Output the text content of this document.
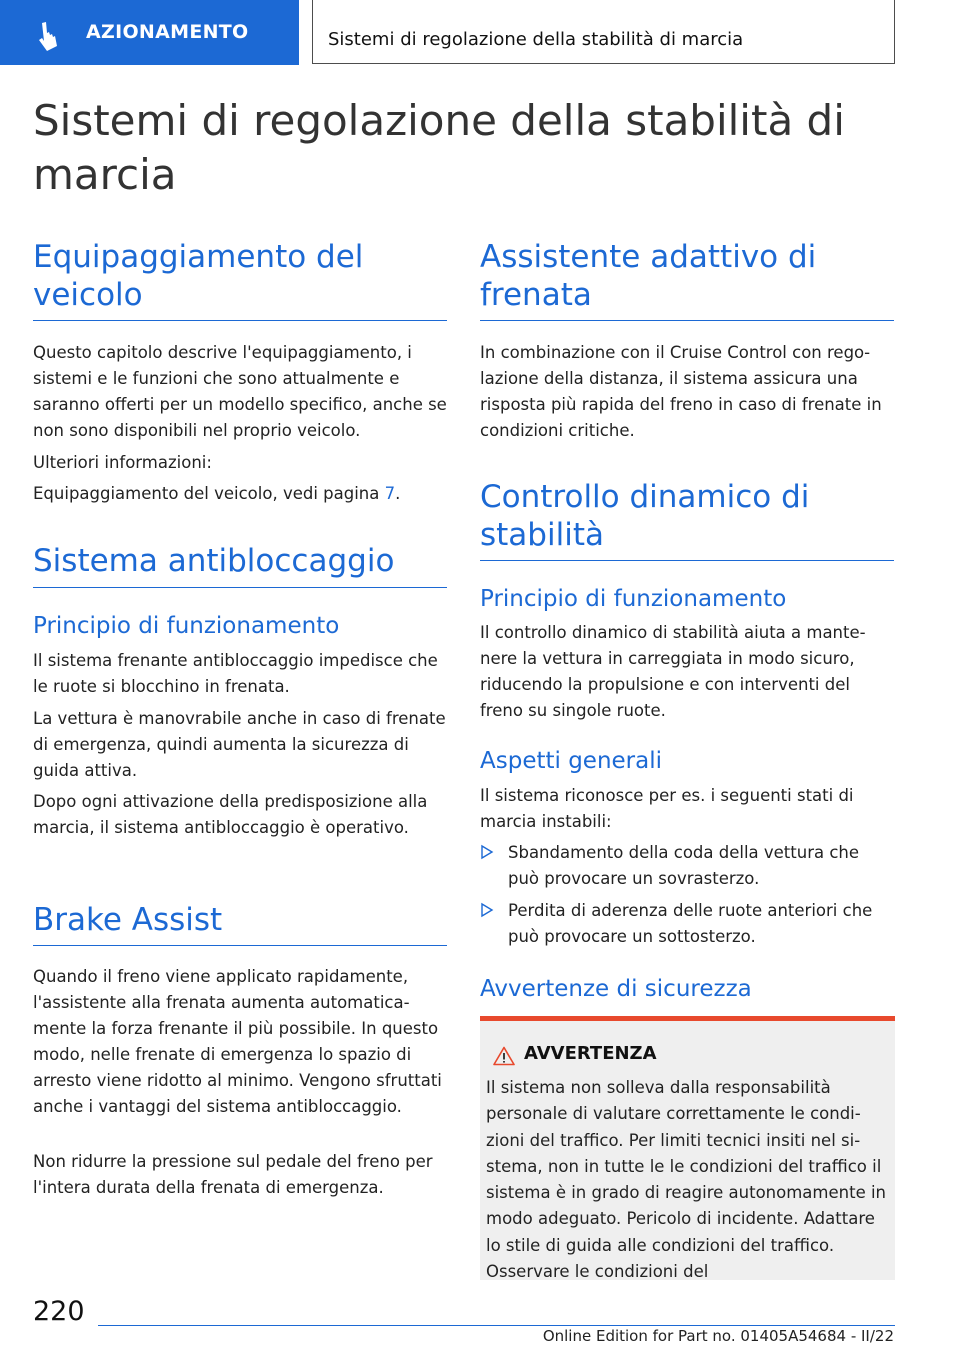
AZIONAMENTO	Sistemi di regolazione della stabilità di marcia
Sistemi di regolazione della stabilità di marcia
Equipaggiamento del veicolo

Questo capitolo descrive l'equipaggiamento, i sistemi e le funzioni che sono attualmente e saranno offerti per un modello specifico, anche se non sono disponibili nel proprio veicolo.

Ulteriori informazioni:

Equipaggiamento del veicolo, vedi pagina 7.

Sistema antibloccaggio
Principio di funzionamento

Il sistema frenante antibloccaggio impedisce che le ruote si blocchino in frenata.

La vettura è manovrabile anche in caso di frenate di emergenza, quindi aumenta la sicurezza di guida attiva.

Dopo ogni attivazione della predisposizione alla marcia, il sistema antibloccaggio è operativo.

Brake Assist

Quando il freno viene applicato rapidamente, l'assistente alla frenata aumenta automaticamente la forza frenante il più possibile. In questo modo, nelle frenate di emergenza lo spazio di arresto viene ridotto al minimo. Vengono sfruttati anche i vantaggi del sistema antibloccaggio.

Non ridurre la pressione sul pedale del freno per l'intera durata della frenata di emergenza.

Assistente adattivo di frenata

In combinazione con il Cruise Control con regolazione della distanza, il sistema assicura una risposta più rapida del freno in caso di frenate in condizioni critiche.

Controllo dinamico di stabilità
Principio di funzionamento

Il controllo dinamico di stabilità aiuta a mantenere la vettura in carreggiata in modo sicuro, riducendo la propulsione e con interventi del freno su singole ruote.

Aspetti generali

Il sistema riconosce per es. i seguenti stati di marcia instabili:

Sbandamento della coda della vettura che può provocare un sovrasterzo.
Perdita di aderenza delle ruote anteriori che può provocare un sottosterzo.
Avvertenze di sicurezza
AVVERTENZA

Il sistema non solleva dalla responsabilità personale di valutare correttamente le condizioni del traffico. Per limiti tecnici insiti nel sistema, non in tutte le le condizioni del traffico il sistema è in grado di reagire autonomamente in modo adeguato. Pericolo di incidente. Adattare lo stile di guida alle condizioni del traffico. Osservare le condizioni del

220
Online Edition for Part no. 01405A54684 - II/22
